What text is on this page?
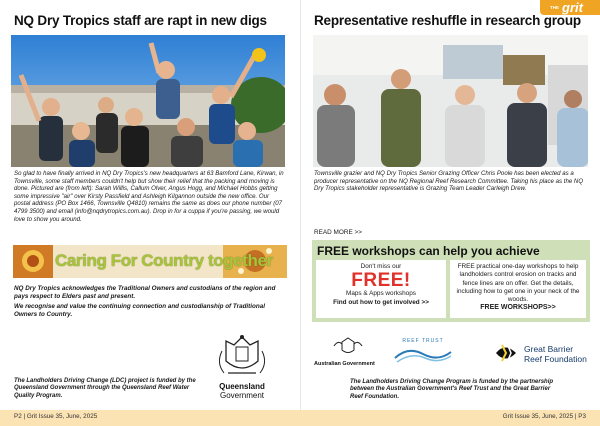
THE grit
NQ Dry Tropics staff are rapt in new digs
So glad to have finally arrived in NQ Dry Tropics's new headquarters at 63 Bamford Lane, Kirwan, in Townsville, some staff members couldn't help but show their relief that the packing and moving is done. Pictured are (from left): Sarah Willis, Callum Olver, Angus Hogg, and Michael Hobbs getting some impressive "air" over Kirsty Passfield and Ashleigh Kilgannon outside the new office. Our postal address (PO Box 1466, Townsville Q4810) remains the same as does our phone number (07 4799 3500) and email (info@nqdrytropics.com.au). Drop in for a cuppa if you're passing, we would love to show you around.
Caring For Country together
NQ Dry Tropics acknowledges the Traditional Owners and custodians of the region and pays respect to Elders past and present.
We recognise and value the continuing connection and custodianship of Traditional Owners to Country.
Queensland
Government
The Landholders Driving Change (LDC) project is funded by the Queensland Government through the Queensland Reef Water Quality Program.
Representative reshuffle in research group
Townsville grazier and NQ Dry Tropics Senior Grazing Officer Chris Poole has been elected as a producer representative on the NQ Regional Reef Research Committee. Taking his place as the NQ Dry Tropics stakeholder representative is Grazing Team Leader Carleigh Drew.
READ MORE >>
FREE workshops can help you achieve
Don't miss our
FREE!
Maps & Apps workshops
Find out how to get involved >>
FREE practical one-day workshops to help landholders control erosion on tracks and fence lines are on offer. Get the details, including how to get one in your neck of the woods.
FREE WORKSHOPS>>
Australian Government
REEF TRUST
Great Barrier
Reef Foundation
The Landholders Driving Change Program is funded by the partnership between the Australian Government's Reef Trust and the Great Barrier Reef Foundation.
P2 | Grit Issue 35, June, 2025	Grit Issue 35, June, 2025 | P3
